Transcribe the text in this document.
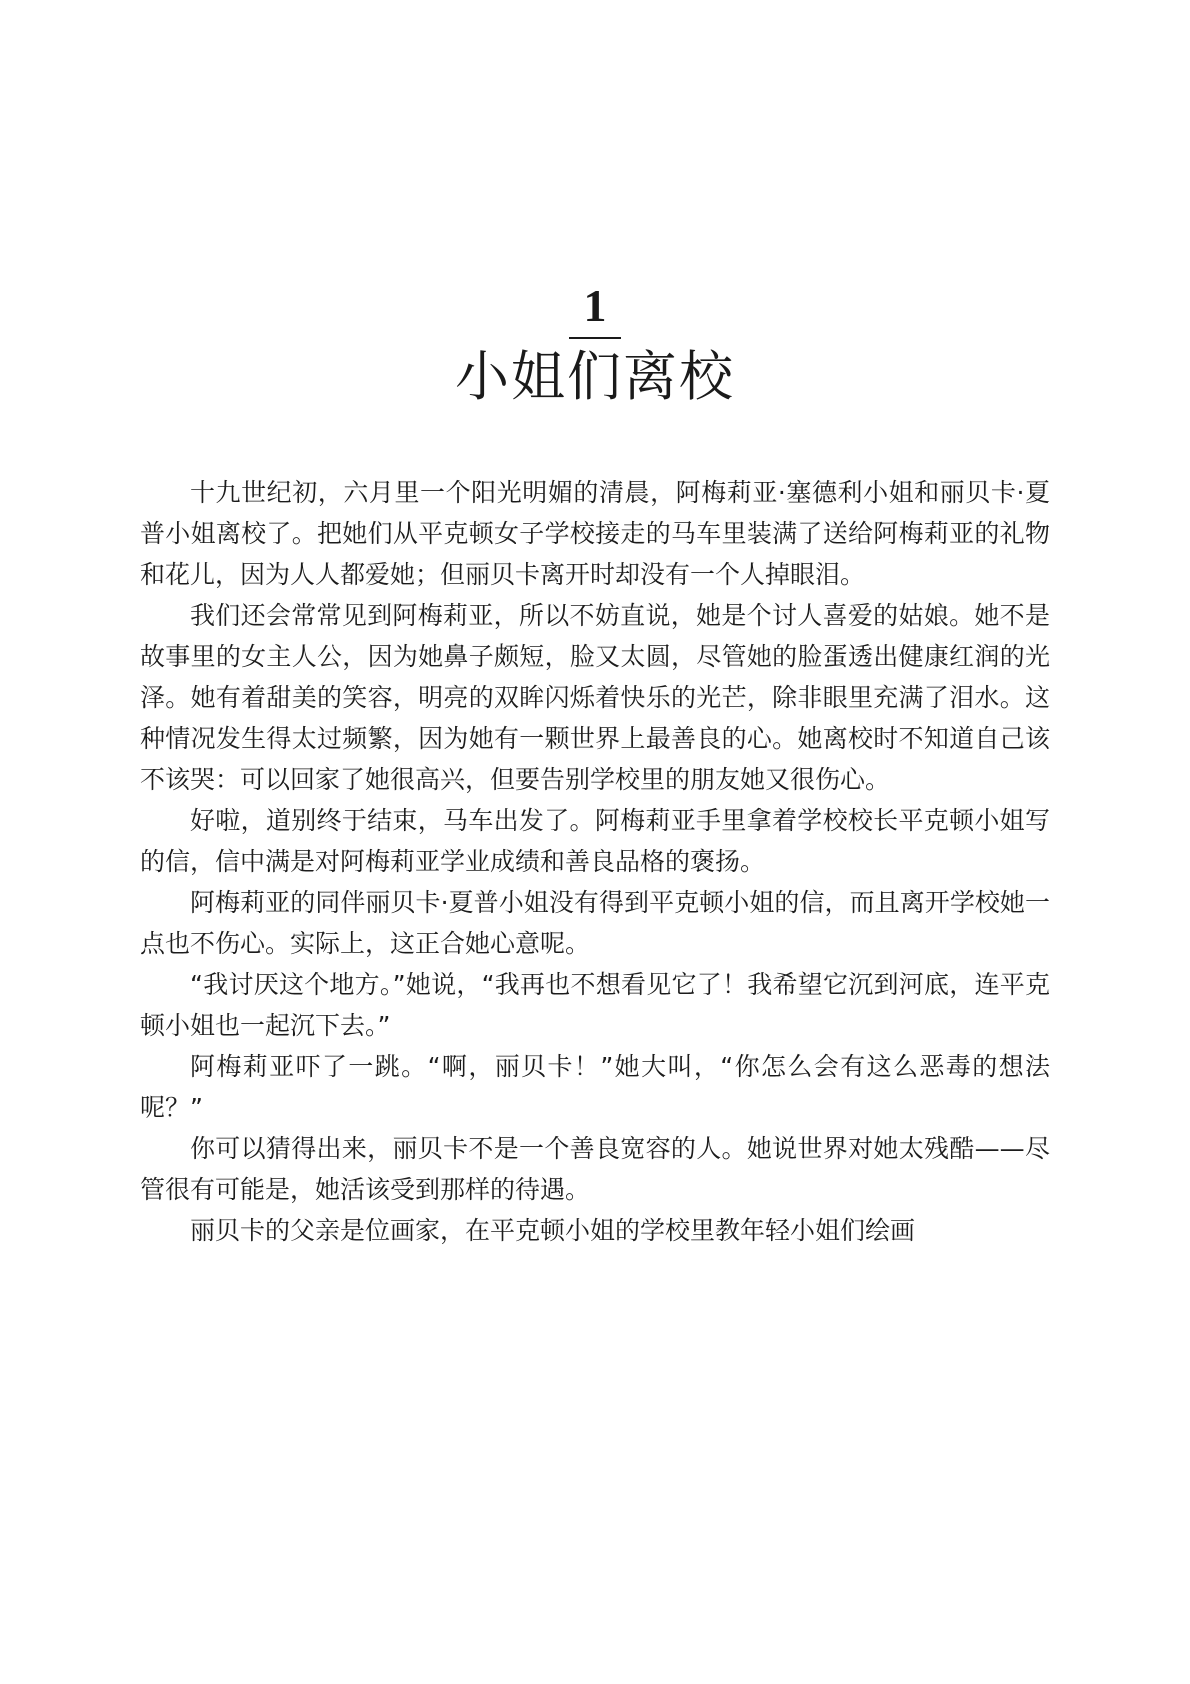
1
小姐们离校

十九世纪初，六月里一个阳光明媚的清晨，阿梅莉亚·塞德利小姐和丽贝卡·夏普小姐离校了。把她们从平克顿女子学校接走的马车里装满了送给阿梅莉亚的礼物和花儿，因为人人都爱她；但丽贝卡离开时却没有一个人掉眼泪。

我们还会常常见到阿梅莉亚，所以不妨直说，她是个讨人喜爱的姑娘。她不是故事里的女主人公，因为她鼻子颇短，脸又太圆，尽管她的脸蛋透出健康红润的光泽。她有着甜美的笑容，明亮的双眸闪烁着快乐的光芒，除非眼里充满了泪水。这种情况发生得太过频繁，因为她有一颗世界上最善良的心。她离校时不知道自己该不该哭：可以回家了她很高兴，但要告别学校里的朋友她又很伤心。

好啦，道别终于结束，马车出发了。阿梅莉亚手里拿着学校校长平克顿小姐写的信，信中满是对阿梅莉亚学业成绩和善良品格的褒扬。

阿梅莉亚的同伴丽贝卡·夏普小姐没有得到平克顿小姐的信，而且离开学校她一点也不伤心。实际上，这正合她心意呢。

“我讨厌这个地方。”她说，“我再也不想看见它了！我希望它沉到河底，连平克顿小姐也一起沉下去。”

阿梅莉亚吓了一跳。“啊，丽贝卡！”她大叫，“你怎么会有这么恶毒的想法呢？”

你可以猜得出来，丽贝卡不是一个善良宽容的人。她说世界对她太残酷——尽管很有可能是，她活该受到那样的待遇。

丽贝卡的父亲是位画家，在平克顿小姐的学校里教年轻小姐们绘画
